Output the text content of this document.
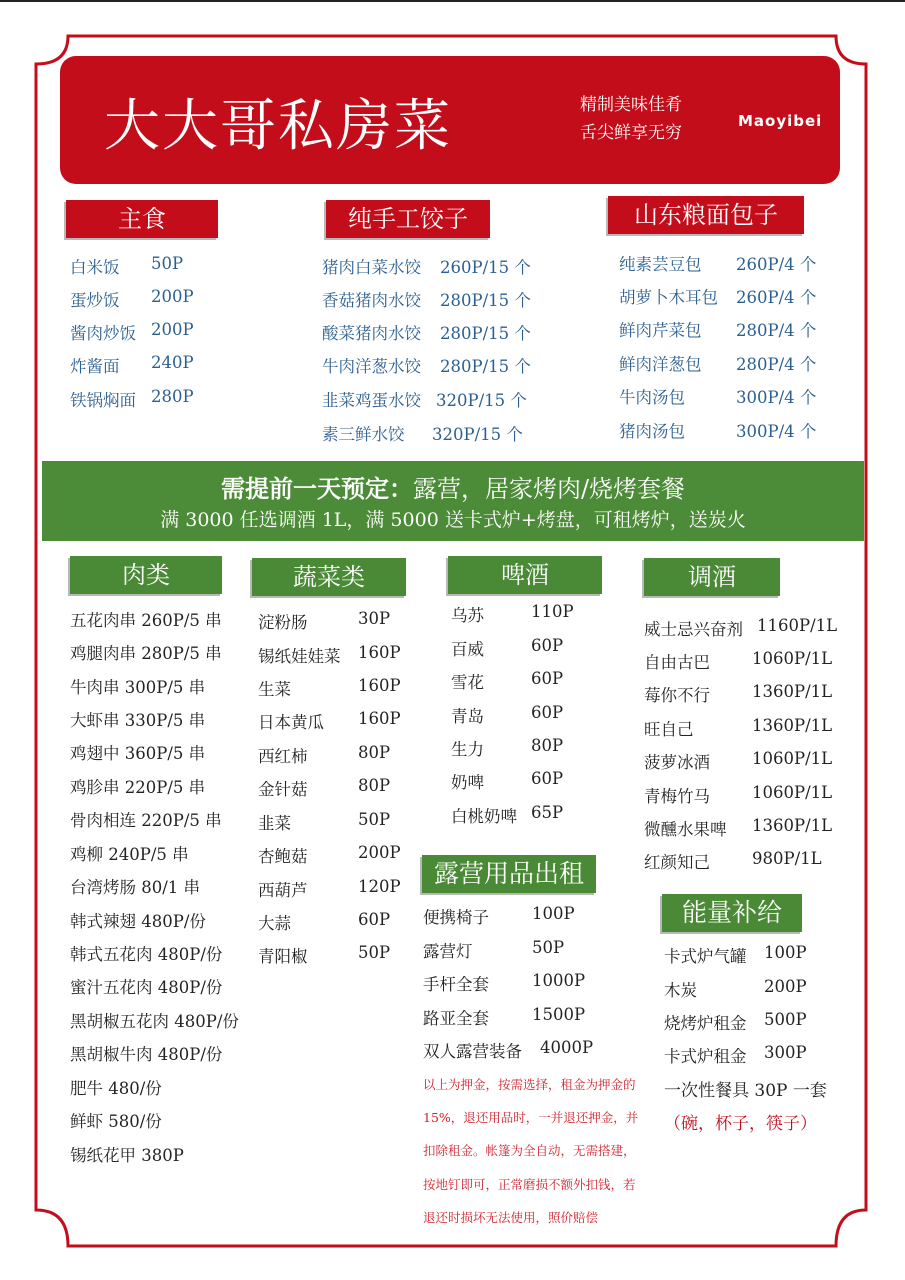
大大哥私房菜	精制美味佳肴
舌尖鲜享无穷
Maoyibei
主食	纯手工饺子	山东粮面包子
白米饭 50P
蛋炒饭 200P
酱肉炒饭 200P
炸酱面 240P
铁锅焖面 280P
猪肉白菜水饺 260P/15 个
香菇猪肉水饺 280P/15 个
酸菜猪肉水饺 280P/15 个
牛肉洋葱水饺 280P/15 个
韭菜鸡蛋水饺 320P/15 个
素三鲜水饺 320P/15 个
纯素芸豆包 260P/4 个
胡萝卜木耳包 260P/4 个
鲜肉芹菜包 280P/4 个
鲜肉洋葱包 280P/4 个
牛肉汤包	300P/4 个
猪肉汤包	300P/4 个
需提前一天预定：露营，居家烤肉/烧烤套餐
满 3000 任选调酒 1L，满 5000 送卡式炉+烤盘，可租烤炉，送炭火
肉类	蔬菜类	啤酒	调酒
露营用品出租
能量补给
五花肉串 260P/5 串
鸡腿肉串 280P/5 串
牛肉串 300P/5 串
大虾串 330P/5 串
鸡翅中 360P/5 串
鸡胗串 220P/5 串
骨肉相连 220P/5 串
鸡柳 240P/5 串
台湾烤肠 80/1 串
韩式辣翅 480P/份
韩式五花肉 480P/份
蜜汁五花肉 480P/份
黑胡椒五花肉 480P/份
黑胡椒牛肉 480P/份
肥牛 480/份
鲜虾 580/份
锡纸花甲 380P
淀粉肠	30P
锡纸娃娃菜 160P
生菜	160P
日本黄瓜 160P
西红柿	80P
金针菇	80P
韭菜	50P
杏鲍菇	200P
西葫芦	120P
大蒜	60P
青阳椒	50P
乌苏	110P
百威	60P
雪花	60P
青岛	60P
生力	80P
奶啤	60P
白桃奶啤 65P
威士忌兴奋剂 1160P/1L
自由古巴	1060P/1L
莓你不行	1360P/1L
旺自己	1360P/1L
菠萝冰酒	1060P/1L
青梅竹马	1060P/1L
微醺水果啤 1360P/1L
红颜知己	980P/1L
便携椅子	100P
露营灯	50P
手杆全套	1000P
路亚全套	1500P
双人露营装备 4000P
以上为押金，按需选择，租金为押金的
15%，退还用品时，一并退还押金，并
扣除租金。帐篷为全自动，无需搭建，
按地钉即可，正常磨损不额外扣钱，若
退还时损坏无法使用，照价赔偿
卡式炉气罐 100P
木炭	200P
烧烤炉租金 500P
卡式炉租金 300P
一次性餐具 30P 一套
（碗，杯子，筷子）
